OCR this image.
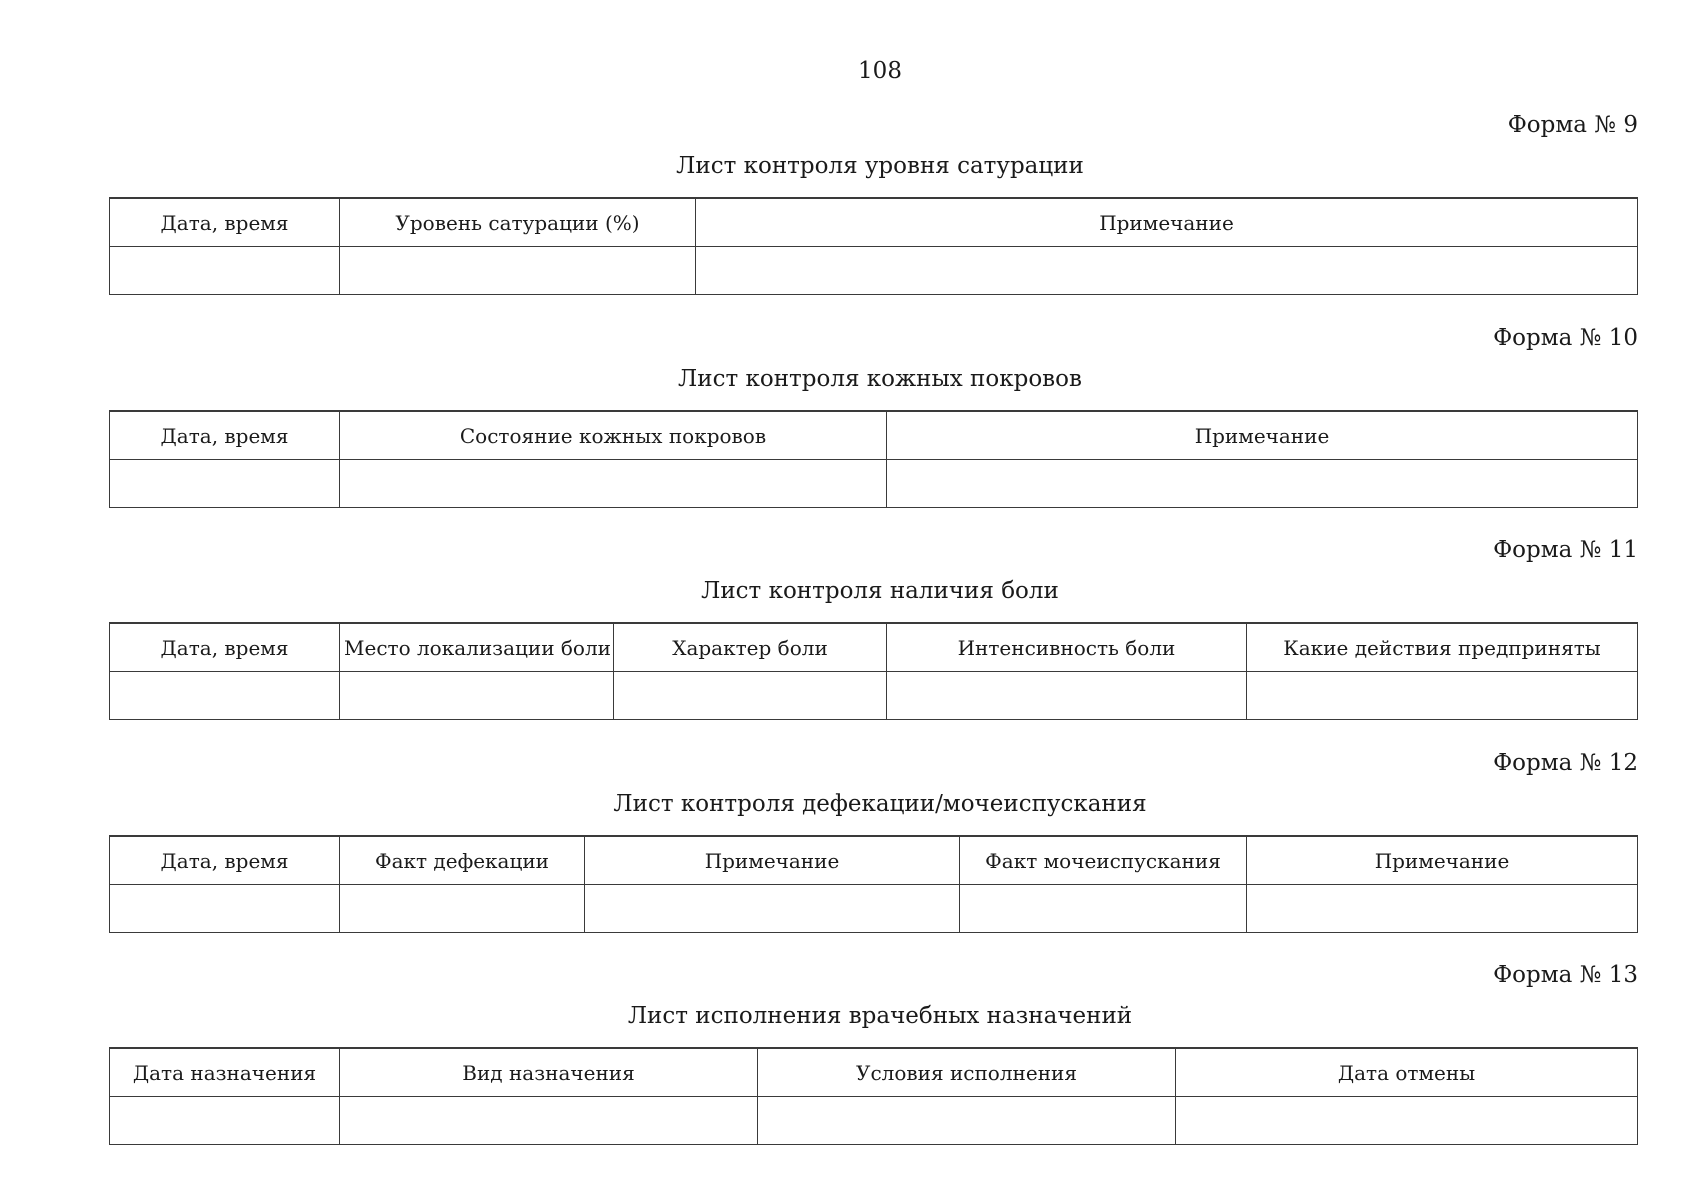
108
Форма № 9
Лист контроля уровня сатурации
Дата, время	Уровень сатурации (%)	Примечание

Форма № 10
Лист контроля кожных покровов
Дата, время	Состояние кожных покровов	Примечание

Форма № 11
Лист контроля наличия боли
Дата, время	Место локализации боли	Характер боли	Интенсивность боли	Какие действия предприняты

Форма № 12
Лист контроля дефекации/мочеиспускания
Дата, время	Факт дефекации	Примечание	Факт мочеиспускания	Примечание

Форма № 13
Лист исполнения врачебных назначений
Дата назначения	Вид назначения	Условия исполнения	Дата отмены
